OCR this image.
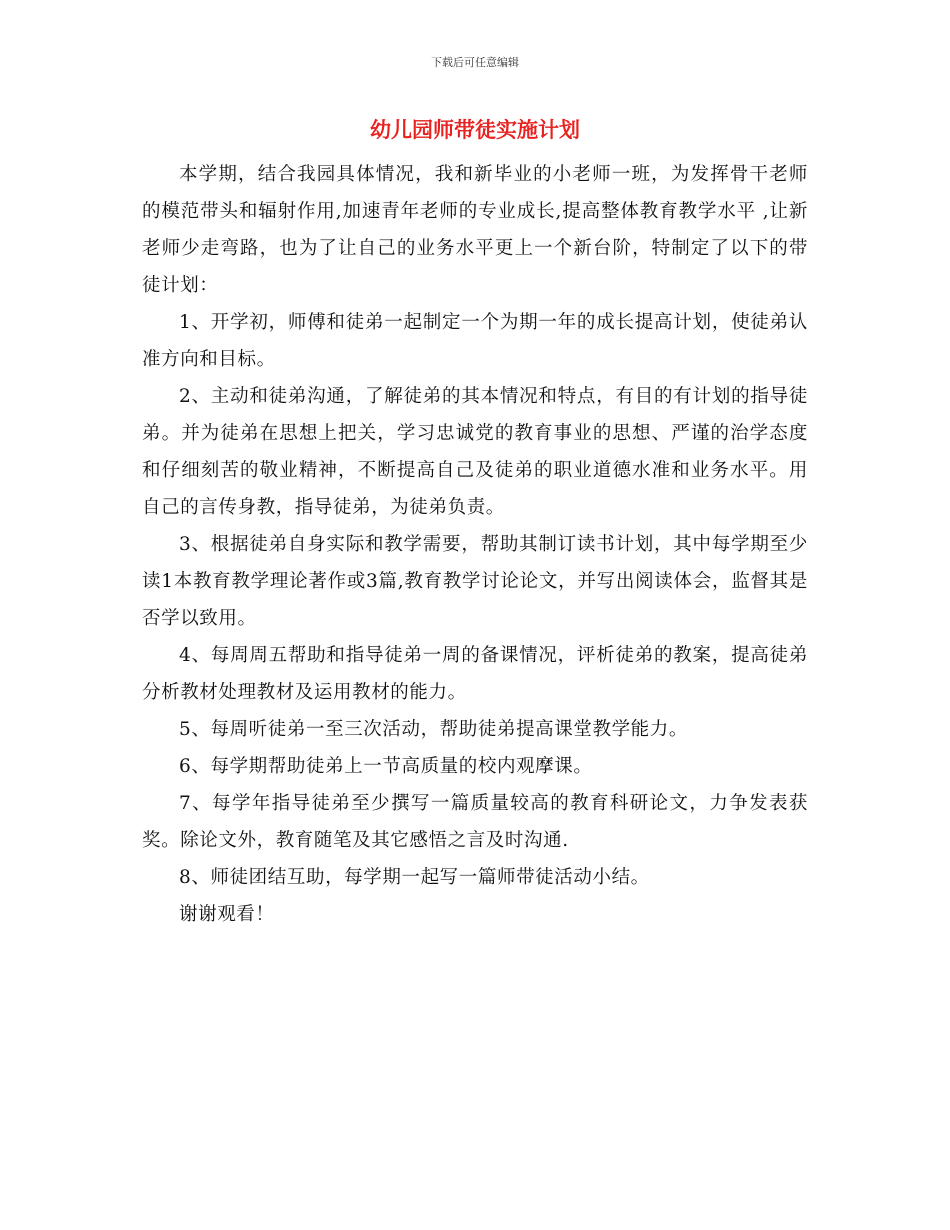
下载后可任意编辑
幼儿园师带徒实施计划

本学期，结合我园具体情况，我和新毕业的小老师一班，为发挥骨干老师的模范带头和辐射作用,加速青年老师的专业成长,提高整体教育教学水平 ,让新老师少走弯路，也为了让自己的业务水平更上一个新台阶，特制定了以下的带徒计划：

1、开学初，师傅和徒弟一起制定一个为期一年的成长提高计划，使徒弟认准方向和目标。

2、主动和徒弟沟通，了解徒弟的其本情况和特点，有目的有计划的指导徒弟。并为徒弟在思想上把关，学习忠诚党的教育事业的思想、严谨的治学态度和仔细刻苦的敬业精神，不断提高自己及徒弟的职业道德水准和业务水平。用自己的言传身教，指导徒弟，为徒弟负责。

3、根据徒弟自身实际和教学需要，帮助其制订读书计划，其中每学期至少读1本教育教学理论著作或3篇,教育教学讨论论文，并写出阅读体会，监督其是否学以致用。

4、每周周五帮助和指导徒弟一周的备课情况，评析徒弟的教案，提高徒弟分析教材处理教材及运用教材的能力。

5、每周听徒弟一至三次活动，帮助徒弟提高课堂教学能力。

6、每学期帮助徒弟上一节高质量的校内观摩课。

7、每学年指导徒弟至少撰写一篇质量较高的教育科研论文，力争发表获奖。除论文外，教育随笔及其它感悟之言及时沟通.

8、师徒团结互助，每学期一起写一篇师带徒活动小结。

谢谢观看！
